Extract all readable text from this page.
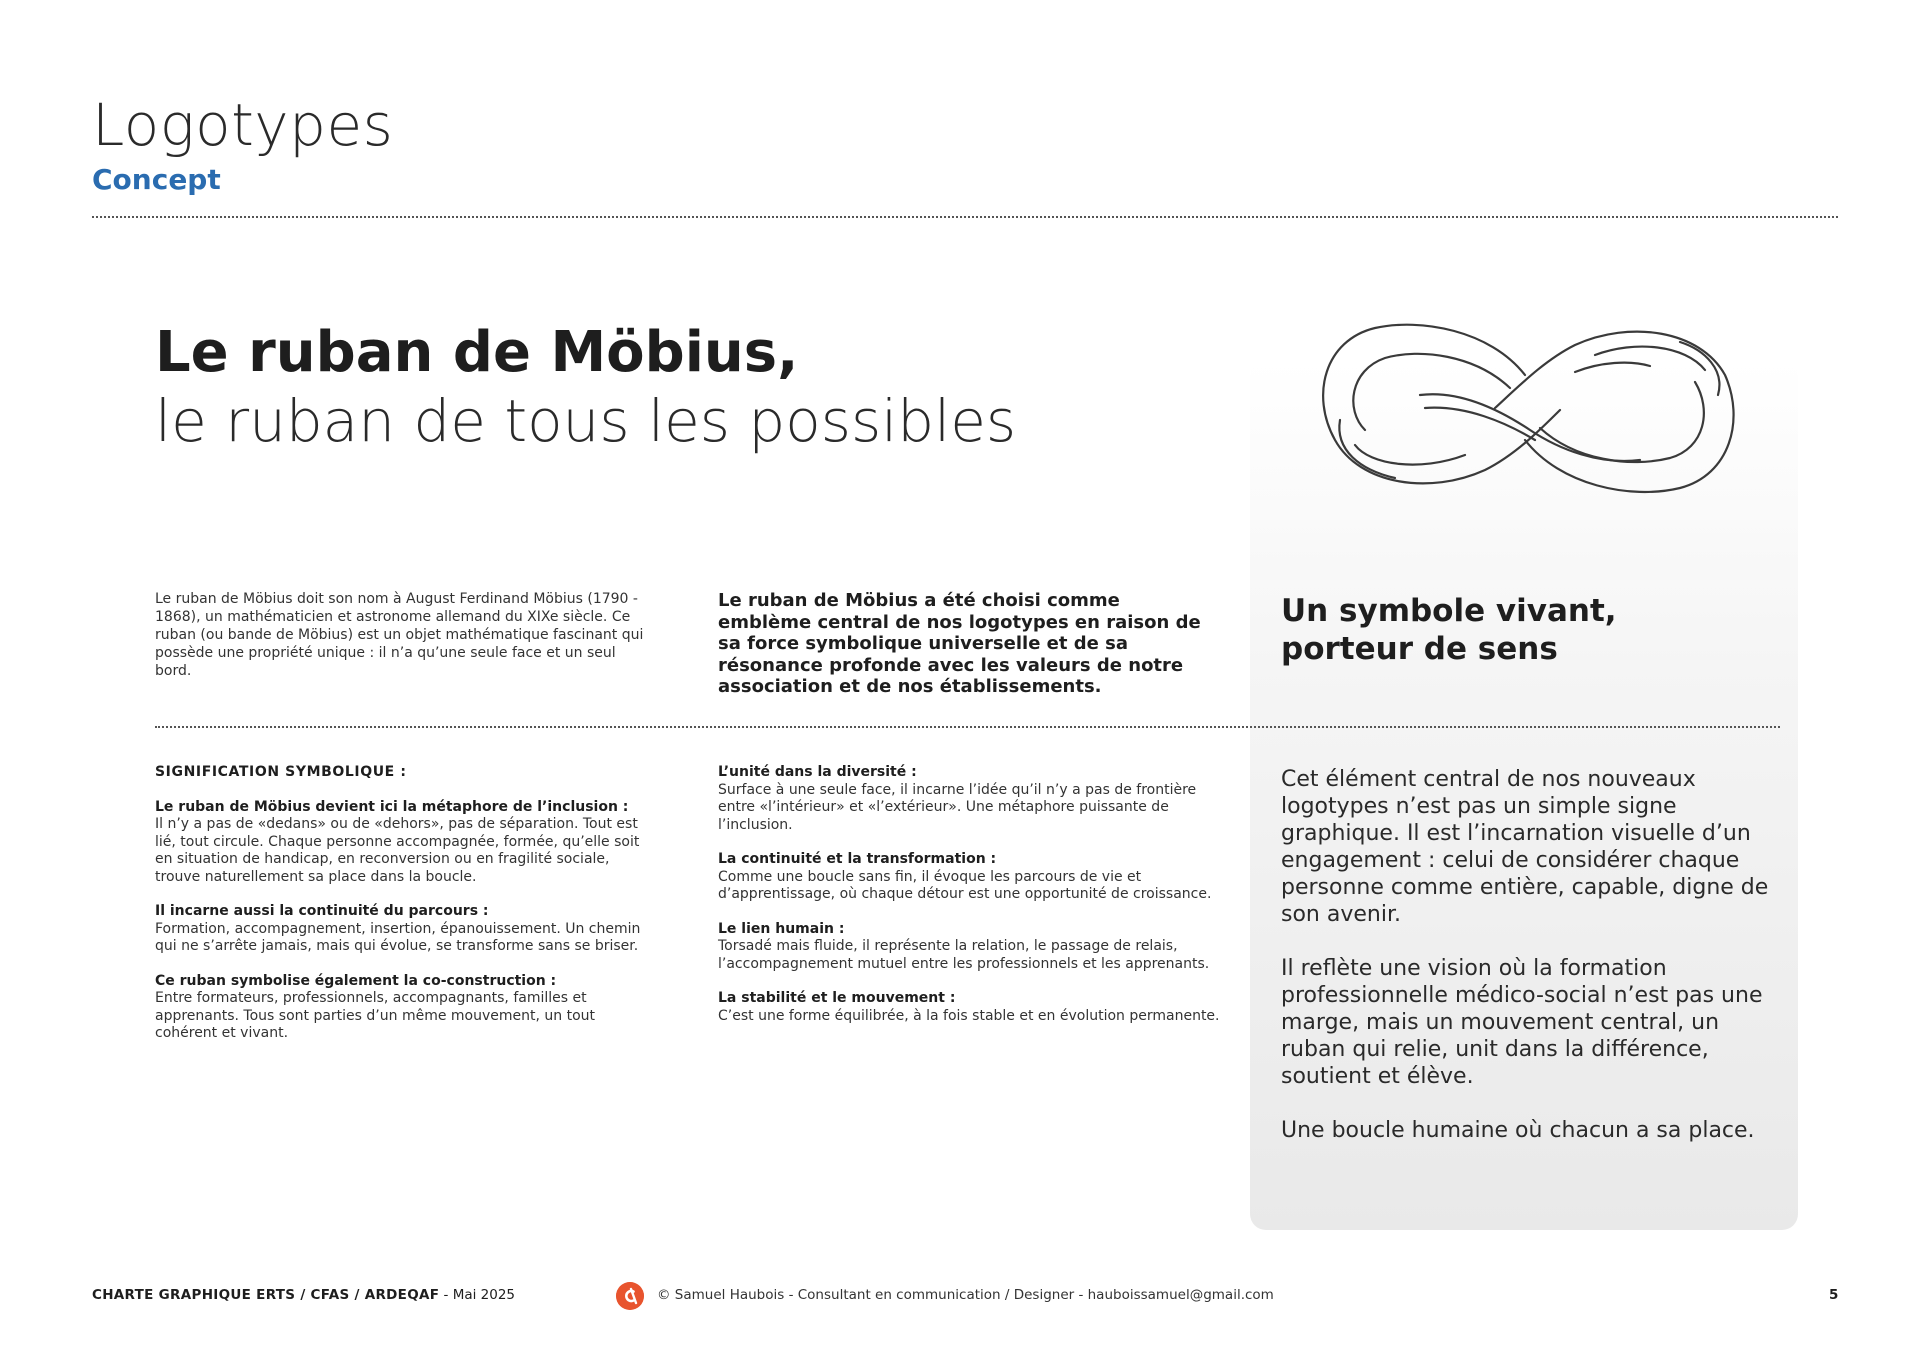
Logotypes
Concept
Le ruban de Möbius,
le ruban de tous les possibles
Le ruban de Möbius doit son nom à August Ferdinand Möbius (1790 - 1868), un mathématicien et astronome allemand du XIXe siècle. Ce ruban (ou bande de Möbius) est un objet mathématique fascinant qui possède une propriété unique : il n’a qu’une seule face et un seul bord.
Le ruban de Möbius a été choisi comme emblème central de nos logotypes en raison de sa force symbolique universelle et de sa résonance profonde avec les valeurs de notre association et de nos établissements.
Un symbole vivant,
porteur de sens
SIGNIFICATION SYMBOLIQUE :
Le ruban de Möbius devient ici la métaphore de l’inclusion :
Il n’y a pas de «dedans» ou de «dehors», pas de séparation. Tout est lié, tout circule. Chaque personne accompagnée, formée, qu’elle soit en situation de handicap, en reconversion ou en fragilité sociale, trouve naturellement sa place dans la boucle.
Il incarne aussi la continuité du parcours :
Formation, accompagnement, insertion, épanouissement. Un chemin qui ne s’arrête jamais, mais qui évolue, se transforme sans se briser.
Ce ruban symbolise également la co-construction :
Entre formateurs, professionnels, accompagnants, familles et apprenants. Tous sont parties d’un même mouvement, un tout cohérent et vivant.
L’unité dans la diversité :
Surface à une seule face, il incarne l’idée qu’il n’y a pas de frontière entre «l’intérieur» et «l’extérieur». Une métaphore puissante de l’inclusion.
La continuité et la transformation :
Comme une boucle sans fin, il évoque les parcours de vie et d’apprentissage, où chaque détour est une opportunité de croissance.
Le lien humain :
Torsadé mais fluide, il représente la relation, le passage de relais, l’accompagnement mutuel entre les professionnels et les apprenants.
La stabilité et le mouvement :
C’est une forme équilibrée, à la fois stable et en évolution permanente.

Cet élément central de nos nouveaux logotypes n’est pas un simple signe graphique. Il est l’incarnation visuelle d’un engagement : celui de considérer chaque personne comme entière, capable, digne de son avenir.

Il reflète une vision où la formation professionnelle médico-social n’est pas une marge, mais un mouvement central, un ruban qui relie, unit dans la différence, soutient et élève.

Une boucle humaine où chacun a sa place.

CHARTE GRAPHIQUE ERTS / CFAS / ARDEQAF - Mai 2025	© Samuel Haubois - Consultant en communication / Designer - hauboissamuel@gmail.com	5
